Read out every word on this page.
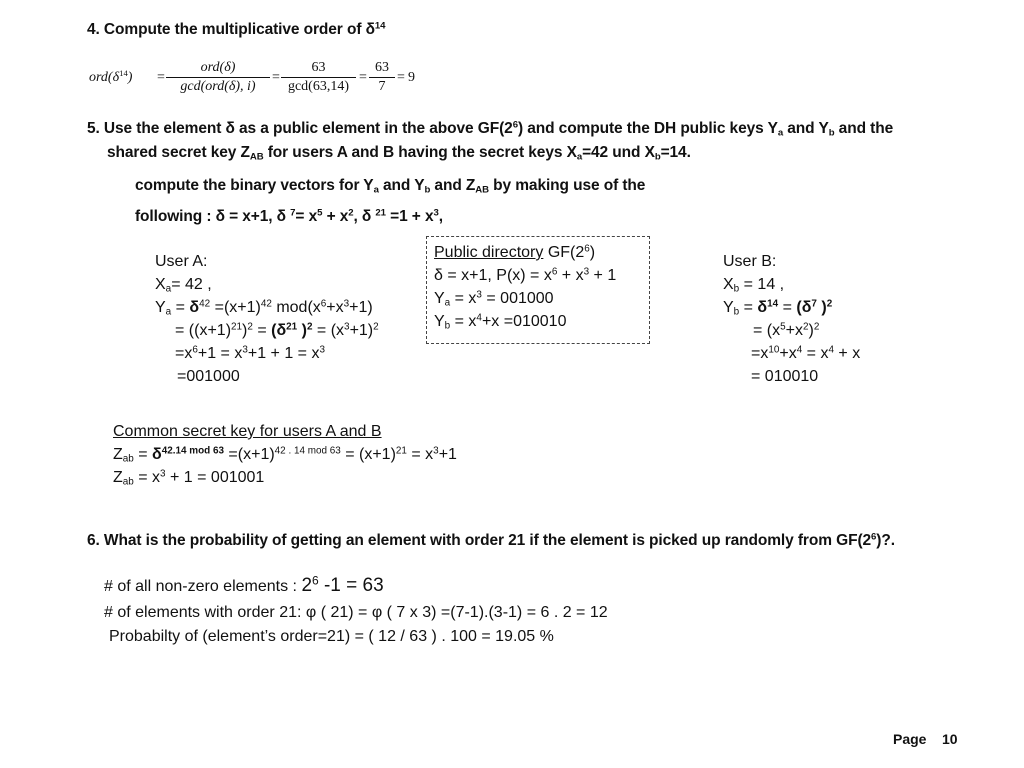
4. Compute the multiplicative order of $\delta^{14}$
$ord(\delta^{14})$ =
ord(δ)
gcd(ord(δ), i)
=
63
gcd(63,14)
= $\frac{63}{7} = 9$
5. Use the element δ as a public element in the above $GF(2^6)$ and compute the DH public keys $Y_a$ and $Y_b$ and the
shared secret key $Z_{AB}$ for users A and B having the secret keys $X_a=42$ und $X_b=14$.
compute the binary vectors for $Y_a$ and $Y_b$ and $Z_{AB}$ by making use of the
following : δ = x+1, δ $^7= x^5 + x^2$, δ $^{21} =1 + x^3$,
User A:
$X_a= 42$ ,
$Y_a = \delta^{42} =(x+1)^{42}$ $mod(x^6+x^3+1)$
= $((x+1)^{21})^2 = (\delta^{21}$ )$^2 = (x^3+1)^2$
$=x^6+1 = x^3+1 + 1 = x^3$
=001000
Public directory $GF(2^6)$
δ = x+1, $P(x) = x^6 + x^3 + 1$
$Y_a = x^3 = 001000$
$Y_b = x^4+x =010010$
User B:
$X_b = 14$ ,
$Y_b = \delta^{14} = (\delta^7$ )$^2$
= $(x^5+x^2)^2$
$=x^{10}+x^4 = x^4 + x$
= 010010
Common secret key for users A and B
$Z_{ab} = \delta^{42.14 mod 63} =(x+1)^{42 . 14 mod 63} = (x+1)^{21} = x^3+1$
$Z_{ab} = x^3 + 1 = 001001$
6. What is the probability of getting an element with order 21 if the element is picked up randomly from $GF(2^6)$?.
# of all non-zero elements : $2^6$ -1 = 63
# of elements with order 21: φ ( 21) = φ ( 7 x 3) =(7-1).(3-1) = 6 . 2 = 12
Probabilty of (element’s order=21) = ( 12 / 63 ) . 100 = 19.05 %
Page 10
